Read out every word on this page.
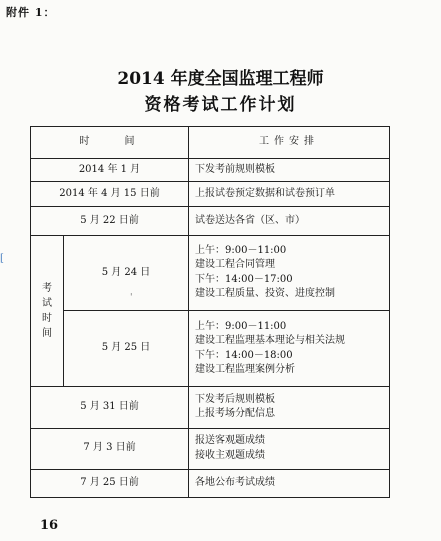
附件 1：
2014 年度全国监理工程师
资格考试工作计划
[
'
时　　间		工作安排
2014 年 1 月		下发考前规则模板

2014 年 4 月 15 日前		上报试卷预定数据和试卷预订单

5 月 22 日前		试卷送达各省（区、市）

考试时间	5 月 24 日	上午：9:00－11:00
建设工程合同管理
下午：14:00－17:00
建设工程质量、投资、进度控制

	5 月 25 日	上午：9:00－11:00
建设工程监理基本理论与相关法规
下午：14:00－18:00
建设工程监理案例分析

5 月 31 日前		下发考后规则模板
上报考场分配信息

7 月 3 日前		报送客观题成绩
接收主观题成绩

7 月 25 日前		各地公布考试成绩
16
